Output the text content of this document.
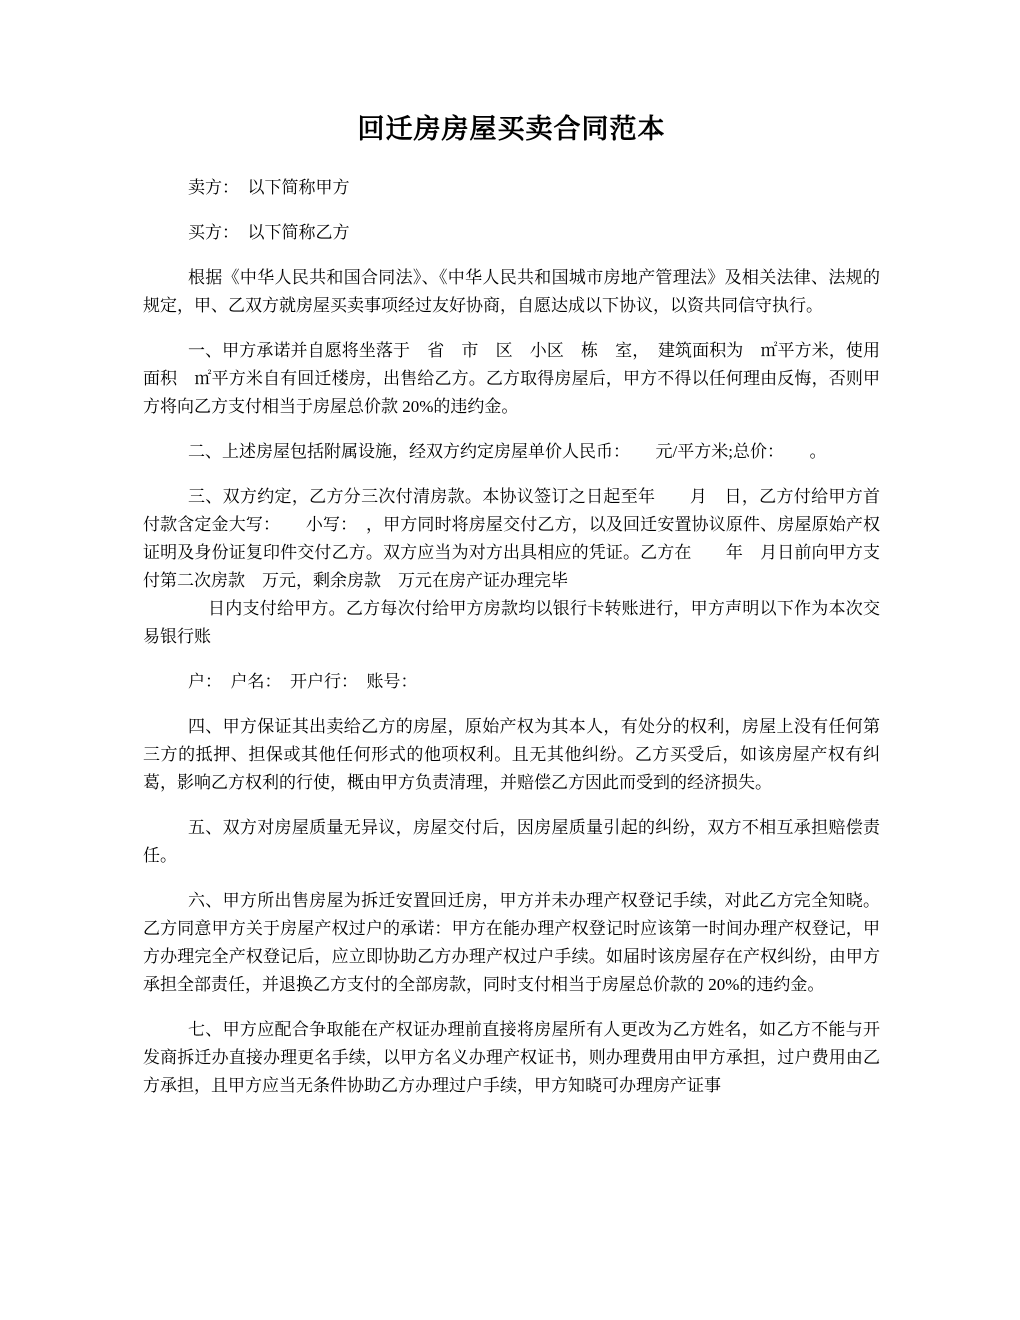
回迁房房屋买卖合同范本

卖方：　以下简称甲方

买方：　以下简称乙方

根据《中华人民共和国合同法》、《中华人民共和国城市房地产管理法》及相关法律、法规的规定，甲、乙双方就房屋买卖事项经过友好协商，自愿达成以下协议，以资共同信守执行。

一、甲方承诺并自愿将坐落于　省　市　区　小区　栋　室，　建筑面积为　㎡平方米，使用面积　㎡平方米自有回迁楼房，出售给乙方。乙方取得房屋后，甲方不得以任何理由反悔，否则甲方将向乙方支付相当于房屋总价款 20%的违约金。

二、上述房屋包括附属设施，经双方约定房屋单价人民币：　　元/平方米;总价：　　。

三、双方约定，乙方分三次付清房款。本协议签订之日起至年　　月　日，乙方付给甲方首付款含定金大写：　　小写：　，甲方同时将房屋交付乙方，以及回迁安置协议原件、房屋原始产权证明及身份证复印件交付乙方。双方应当为对方出具相应的凭证。乙方在　　年　月日前向甲方支付第二次房款　万元，剩余房款　万元在房产证办理完毕

日内支付给甲方。乙方每次付给甲方房款均以银行卡转账进行，甲方声明以下作为本次交易银行账

户：　户名：　开户行：　账号：

四、甲方保证其出卖给乙方的房屋，原始产权为其本人，有处分的权利，房屋上没有任何第三方的抵押、担保或其他任何形式的他项权利。且无其他纠纷。乙方买受后，如该房屋产权有纠葛，影响乙方权利的行使，概由甲方负责清理，并赔偿乙方因此而受到的经济损失。

五、双方对房屋质量无异议，房屋交付后，因房屋质量引起的纠纷，双方不相互承担赔偿责任。

六、甲方所出售房屋为拆迁安置回迁房，甲方并未办理产权登记手续，对此乙方完全知晓。乙方同意甲方关于房屋产权过户的承诺：甲方在能办理产权登记时应该第一时间办理产权登记，甲方办理完全产权登记后，应立即协助乙方办理产权过户手续。如届时该房屋存在产权纠纷，由甲方承担全部责任，并退换乙方支付的全部房款，同时支付相当于房屋总价款的 20%的违约金。

七、甲方应配合争取能在产权证办理前直接将房屋所有人更改为乙方姓名，如乙方不能与开发商拆迁办直接办理更名手续，以甲方名义办理产权证书，则办理费用由甲方承担，过户费用由乙方承担，且甲方应当无条件协助乙方办理过户手续，甲方知晓可办理房产证事
